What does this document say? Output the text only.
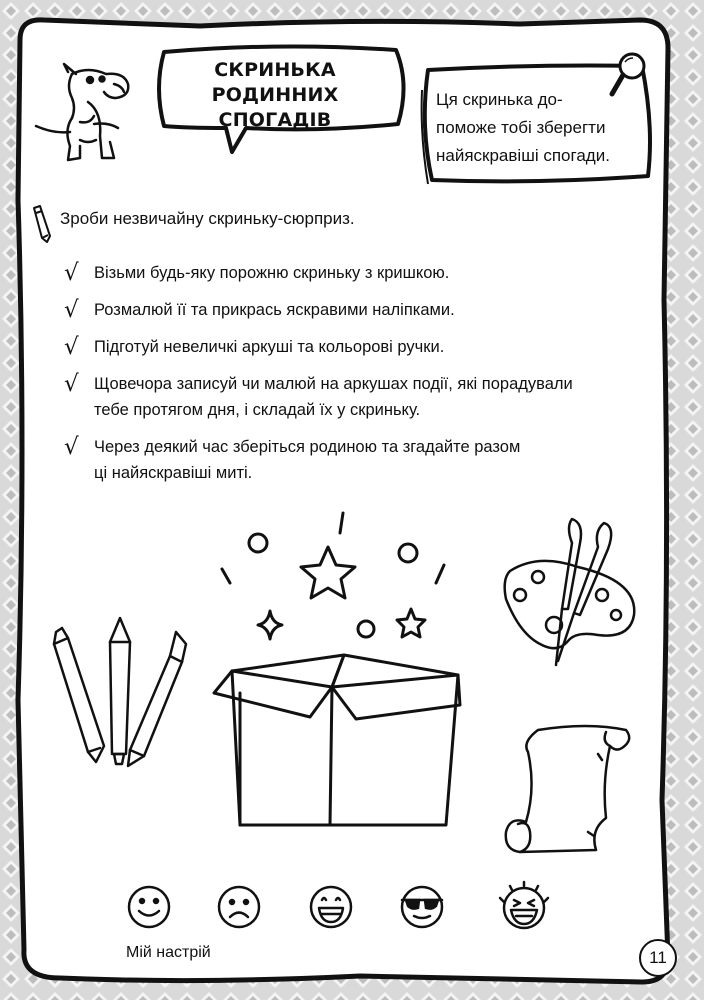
СКРИНЬКА РОДИННИХ
СПОГАДІВ
Ця скринька до-
поможе тобі зберегти
найяскравіші спогади.
Зроби незвичайну скриньку-сюрприз.
√ Візьми будь-яку порожню скриньку з кришкою.
√ Розмалюй її та прикрась яскравими наліпками.
√ Підготуй невеличкі аркуші та кольорові ручки.
√ Щовечора записуй чи малюй на аркушах події, які порадували
тебе протягом дня, і складай їх у скриньку.
√ Через деякий час зберіться родиною та згадайте разом
ці найяскравіші миті.
Мій настрій	11
